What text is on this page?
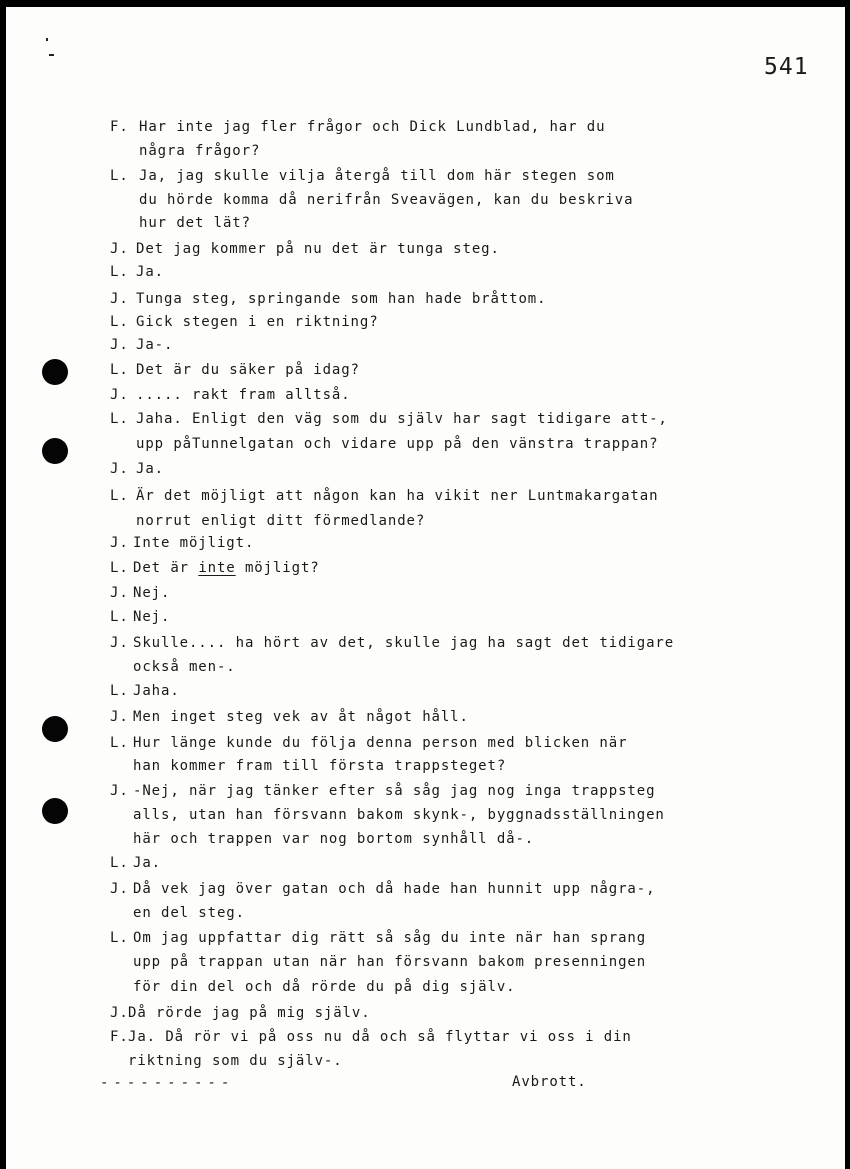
541
F. Har inte jag fler frågor och Dick Lundblad, har du
några frågor?
L. Ja, jag skulle vilja återgå till dom här stegen som
du hörde komma då nerifrån Sveavägen, kan du beskriva
hur det lät?
J. Det jag kommer på nu det är tunga steg.
L. Ja.
J. Tunga steg, springande som han hade bråttom.
L. Gick stegen i en riktning?
J. Ja-.
L. Det är du säker på idag?
J. ..... rakt fram alltså.
L. Jaha. Enligt den väg som du själv har sagt tidigare att-,
upp påTunnelgatan och vidare upp på den vänstra trappan?
J. Ja.
L. Är det möjligt att någon kan ha vikit ner Luntmakargatan
norrut enligt ditt förmedlande?
J. Inte möjligt.
L. Det är inte möjligt?
J. Nej.
L. Nej.
J. Skulle.... ha hört av det, skulle jag ha sagt det tidigare
också men-.
L. Jaha.
J. Men inget steg vek av åt något håll.
L. Hur länge kunde du följa denna person med blicken när
han kommer fram till första trappsteget?
J. -Nej, när jag tänker efter så såg jag nog inga trappsteg
alls, utan han försvann bakom skynk-, byggnadsställningen
här och trappen var nog bortom synhåll då-.
L. Ja.
J. Då vek jag över gatan och då hade han hunnit upp några-,
en del steg.
L. Om jag uppfattar dig rätt så såg du inte när han sprang
upp på trappan utan när han försvann bakom presenningen
för din del och då rörde du på dig själv.
J. Då rörde jag på mig själv.
F. Ja. Då rör vi på oss nu då och så flyttar vi oss i din
riktning som du själv-.
----------	Avbrott.
